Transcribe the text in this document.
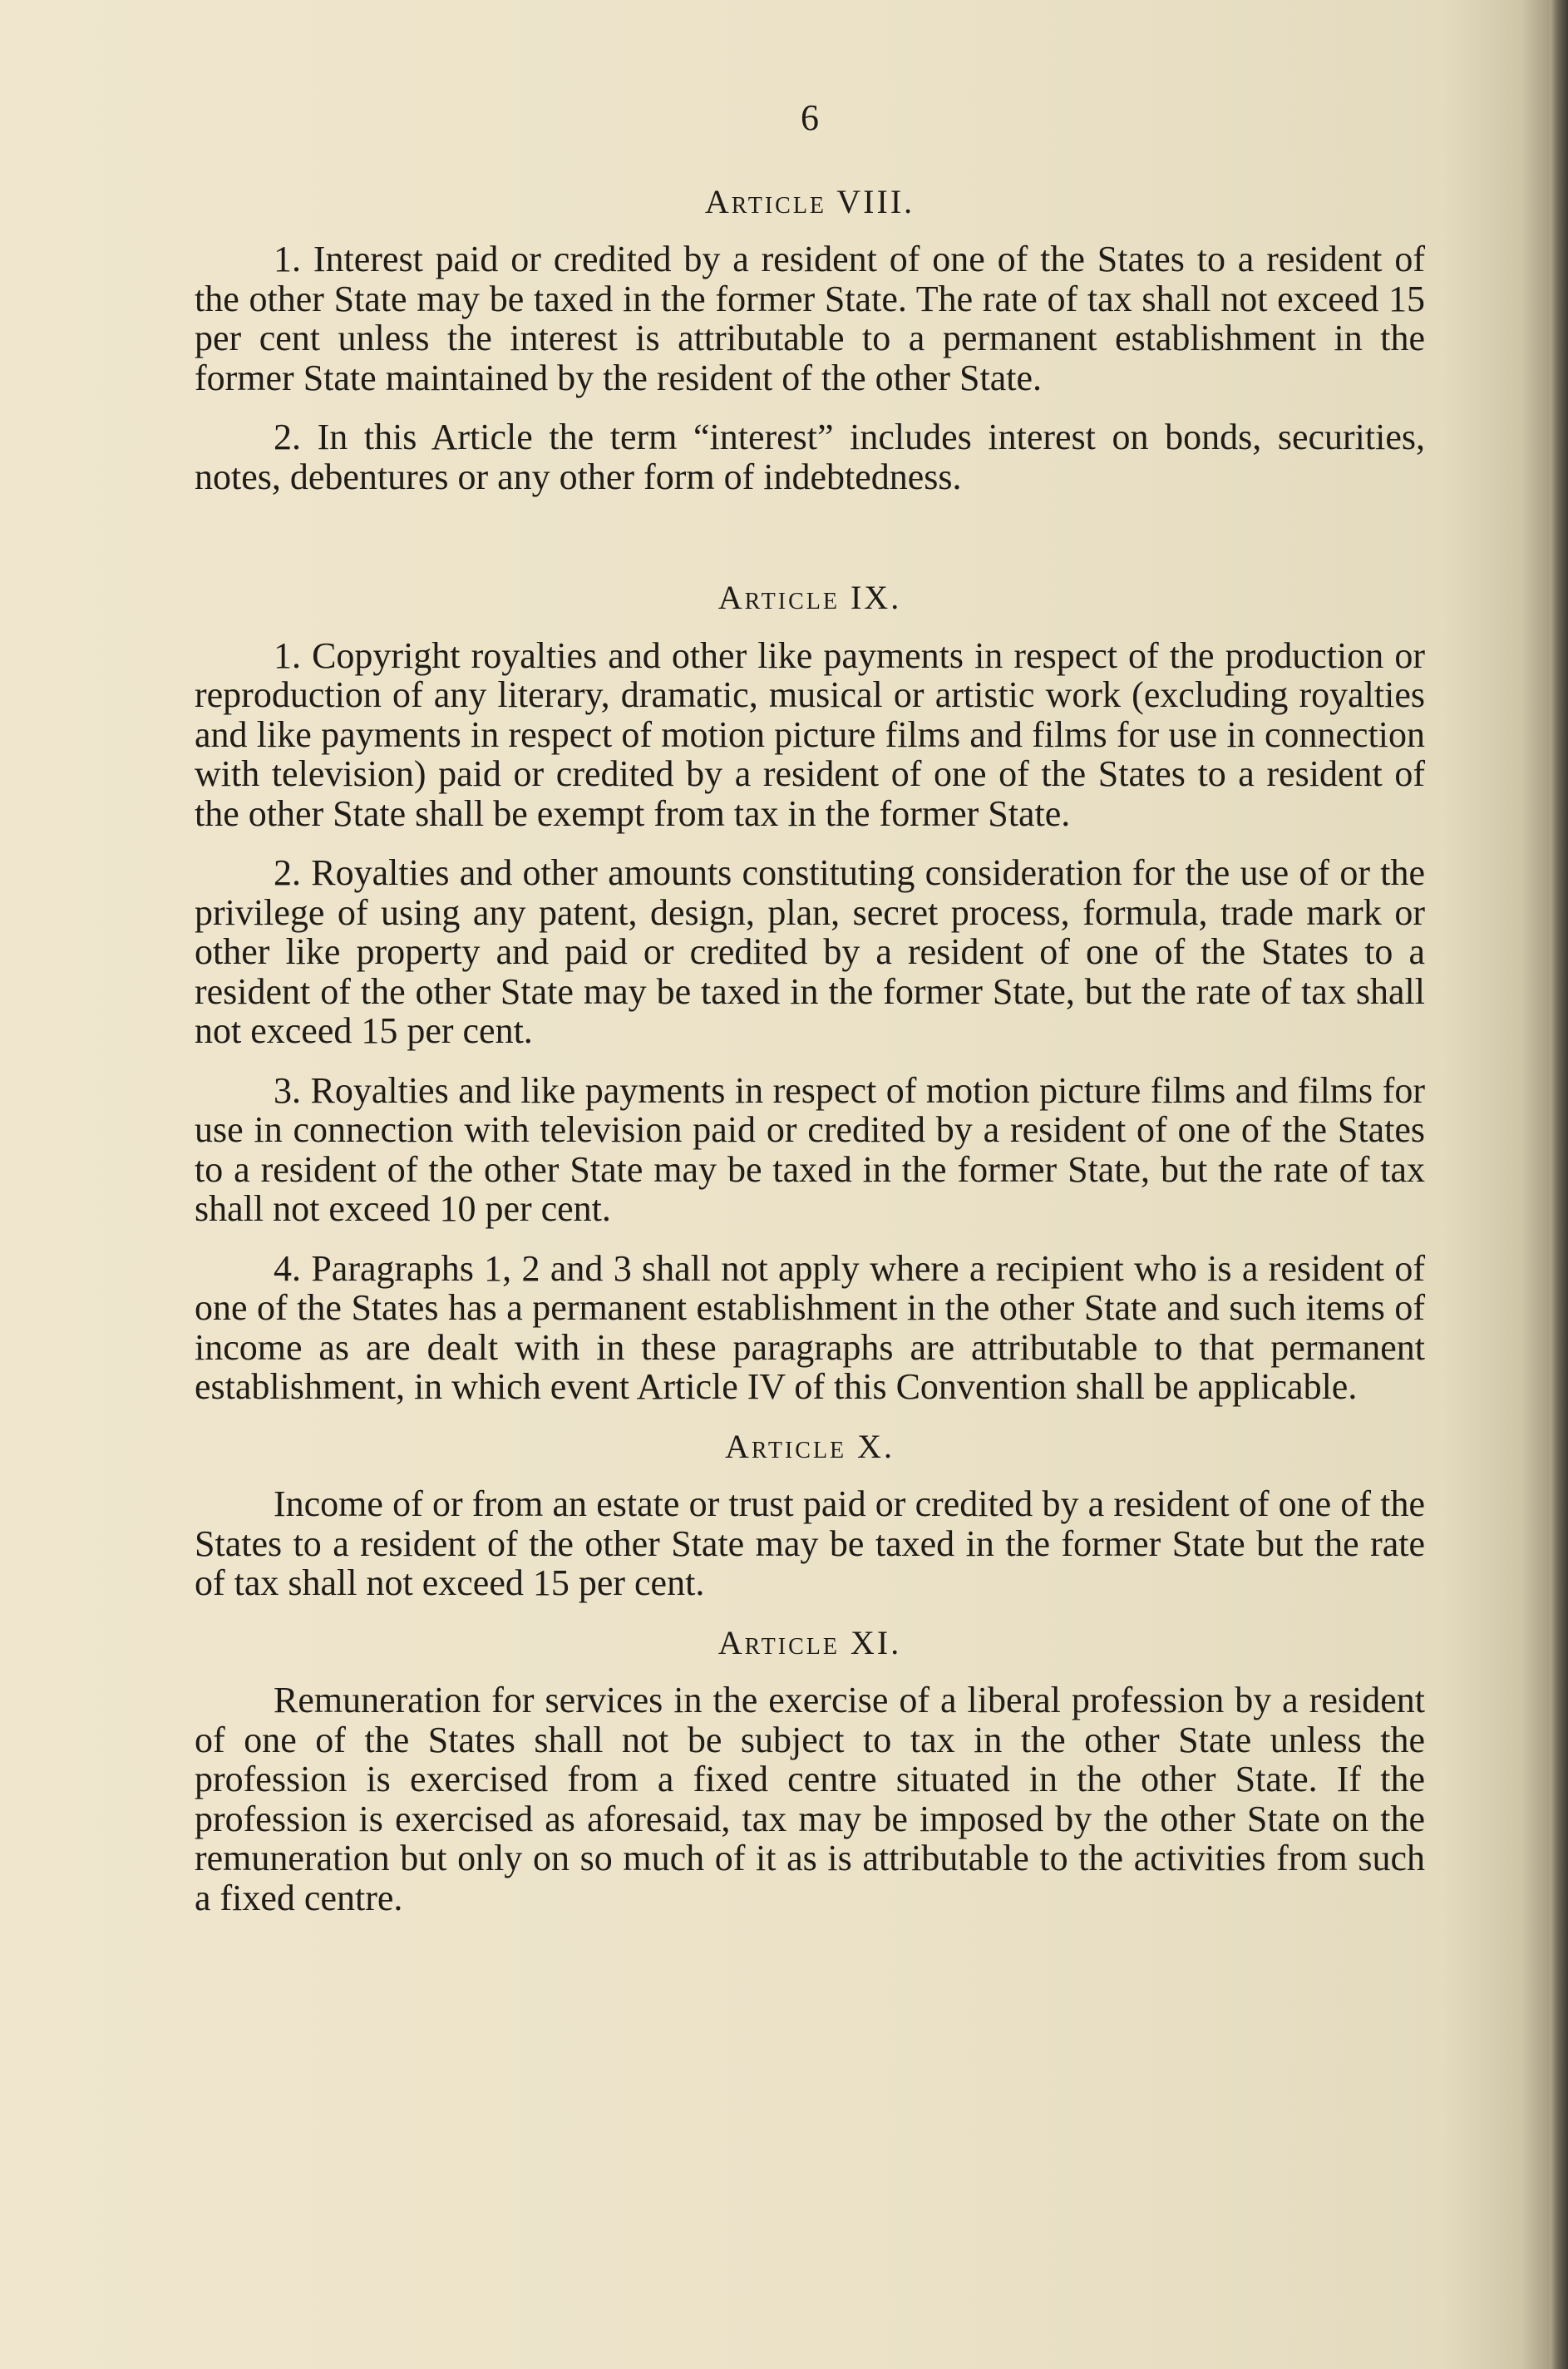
6
Article VIII.

1. Interest paid or credited by a resident of one of the States to a resident of the other State may be taxed in the former State. The rate of tax shall not exceed 15 per cent unless the interest is attributable to a permanent establishment in the former State maintained by the resident of the other State.

2. In this Article the term “interest” includes interest on bonds, securities, notes, debentures or any other form of indebtedness.

Article IX.

1. Copyright royalties and other like payments in respect of the production or reproduction of any literary, dramatic, musical or artistic work (excluding royalties and like payments in respect of motion picture films and films for use in connection with television) paid or credited by a resident of one of the States to a resident of the other State shall be exempt from tax in the former State.

2. Royalties and other amounts constituting consideration for the use of or the privilege of using any patent, design, plan, secret process, formula, trade mark or other like property and paid or credited by a resident of one of the States to a resident of the other State may be taxed in the former State, but the rate of tax shall not exceed 15 per cent.

3. Royalties and like payments in respect of motion picture films and films for use in connection with television paid or credited by a resident of one of the States to a resident of the other State may be taxed in the former State, but the rate of tax shall not exceed 10 per cent.

4. Paragraphs 1, 2 and 3 shall not apply where a recipient who is a resident of one of the States has a permanent establishment in the other State and such items of income as are dealt with in these paragraphs are attributable to that permanent establishment, in which event Article IV of this Convention shall be applicable.

Article X.

Income of or from an estate or trust paid or credited by a resident of one of the States to a resident of the other State may be taxed in the former State but the rate of tax shall not exceed 15 per cent.

Article XI.

Remuneration for services in the exercise of a liberal profession by a resident of one of the States shall not be subject to tax in the other State unless the profession is exercised from a fixed centre situated in the other State. If the profession is exercised as aforesaid, tax may be imposed by the other State on the remuneration but only on so much of it as is attributable to the activities from such a fixed centre.
